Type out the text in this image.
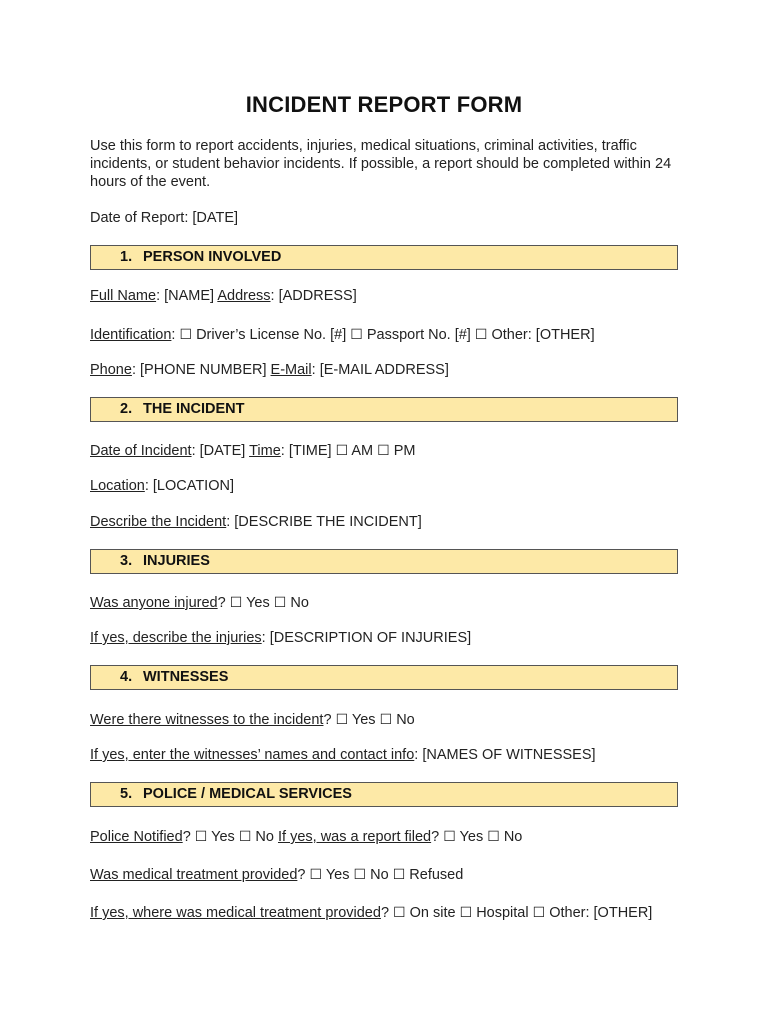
INCIDENT REPORT FORM
Use this form to report accidents, injuries, medical situations, criminal activities, traffic incidents, or student behavior incidents. If possible, a report should be completed within 24 hours of the event.
Date of Report: [DATE]
1. PERSON INVOLVED
Full Name: [NAME] Address: [ADDRESS]
Identification: ☐ Driver’s License No. [#] ☐ Passport No. [#] ☐ Other: [OTHER]
Phone: [PHONE NUMBER] E-Mail: [E-MAIL ADDRESS]
2. THE INCIDENT
Date of Incident: [DATE] Time: [TIME] ☐ AM ☐ PM
Location: [LOCATION]
Describe the Incident: [DESCRIBE THE INCIDENT]
3. INJURIES
Was anyone injured? ☐ Yes ☐ No
If yes, describe the injuries: [DESCRIPTION OF INJURIES]
4. WITNESSES
Were there witnesses to the incident? ☐ Yes ☐ No
If yes, enter the witnesses’ names and contact info: [NAMES OF WITNESSES]
5. POLICE / MEDICAL SERVICES
Police Notified? ☐ Yes ☐ No If yes, was a report filed? ☐ Yes ☐ No
Was medical treatment provided? ☐ Yes ☐ No ☐ Refused
If yes, where was medical treatment provided? ☐ On site ☐ Hospital ☐ Other: [OTHER]
